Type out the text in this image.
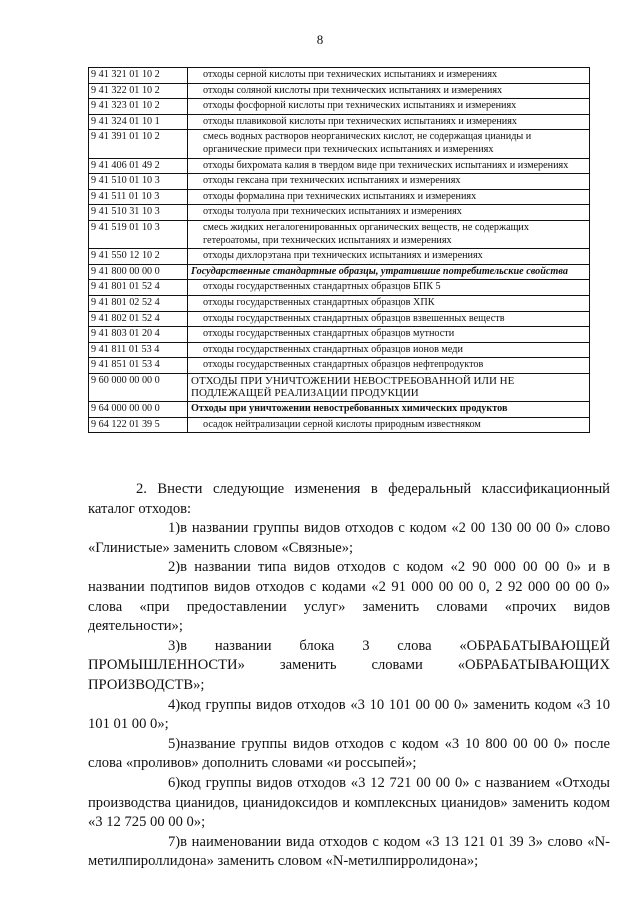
8
9 41 321 01 10 2	отходы серной кислоты при технических испытаниях и измерениях
9 41 322 01 10 2	отходы соляной кислоты при технических испытаниях и измерениях
9 41 323 01 10 2	отходы фосфорной кислоты при технических испытаниях и измерениях
9 41 324 01 10 1	отходы плавиковой кислоты при технических испытаниях и измерениях
9 41 391 01 10 2	смесь водных растворов неорганических кислот, не содержащая цианиды и органические примеси при технических испытаниях и измерениях
9 41 406 01 49 2	отходы бихромата калия в твердом виде при технических испытаниях и измерениях
9 41 510 01 10 3	отходы гексана при технических испытаниях и измерениях
9 41 511 01 10 3	отходы формалина при технических испытаниях и измерениях
9 41 510 31 10 3	отходы толуола при технических испытаниях и измерениях
9 41 519 01 10 3	смесь жидких негалогенированных органических веществ, не содержащих гетероатомы, при технических испытаниях и измерениях
9 41 550 12 10 2	отходы дихлорэтана при технических испытаниях и измерениях
9 41 800 00 00 0	Государственные стандартные образцы, утратившие потребительские свойства
9 41 801 01 52 4	отходы государственных стандартных образцов БПК 5
9 41 801 02 52 4	отходы государственных стандартных образцов ХПК
9 41 802 01 52 4	отходы государственных стандартных образцов взвешенных веществ
9 41 803 01 20 4	отходы государственных стандартных образцов мутности
9 41 811 01 53 4	отходы государственных стандартных образцов ионов меди
9 41 851 01 53 4	отходы государственных стандартных образцов нефтепродуктов
9 60 000 00 00 0	ОТХОДЫ ПРИ УНИЧТОЖЕНИИ НЕВОСТРЕБОВАННОЙ ИЛИ НЕ ПОДЛЕЖАЩЕЙ РЕАЛИЗАЦИИ ПРОДУКЦИИ
9 64 000 00 00 0	Отходы при уничтожении невостребованных химических продуктов
9 64 122 01 39 5	осадок нейтрализации серной кислоты природным известняком

2. Внести следующие изменения в федеральный классификационный каталог отходов:

1)в названии группы видов отходов с кодом «2 00 130 00 00 0» слово «Глинистые» заменить словом «Связные»;

2)в названии типа видов отходов с кодом «2 90 000 00 00 0» и в названии подтипов видов отходов с кодами «2 91 000 00 00 0, 2 92 000 00 00 0» слова «при предоставлении услуг» заменить словами «прочих видов деятельности»;

3)в названии блока 3 слова «ОБРАБАТЫВАЮЩЕЙ ПРОМЫШЛЕННОСТИ» заменить словами «ОБРАБАТЫВАЮЩИХ ПРОИЗВОДСТВ»;

4)код группы видов отходов «3 10 101 00 00 0» заменить кодом «3 10 101 01 00 0»;

5)название группы видов отходов с кодом «3 10 800 00 00 0» после слова «проливов» дополнить словами «и россыпей»;

6)код группы видов отходов «3 12 721 00 00 0» с названием «Отходы производства цианидов, цианидоксидов и комплексных цианидов» заменить кодом «3 12 725 00 00 0»;

7)в наименовании вида отходов с кодом «3 13 121 01 39 3» слово «N-метилпироллидона» заменить словом «N-метилпирролидона»;
